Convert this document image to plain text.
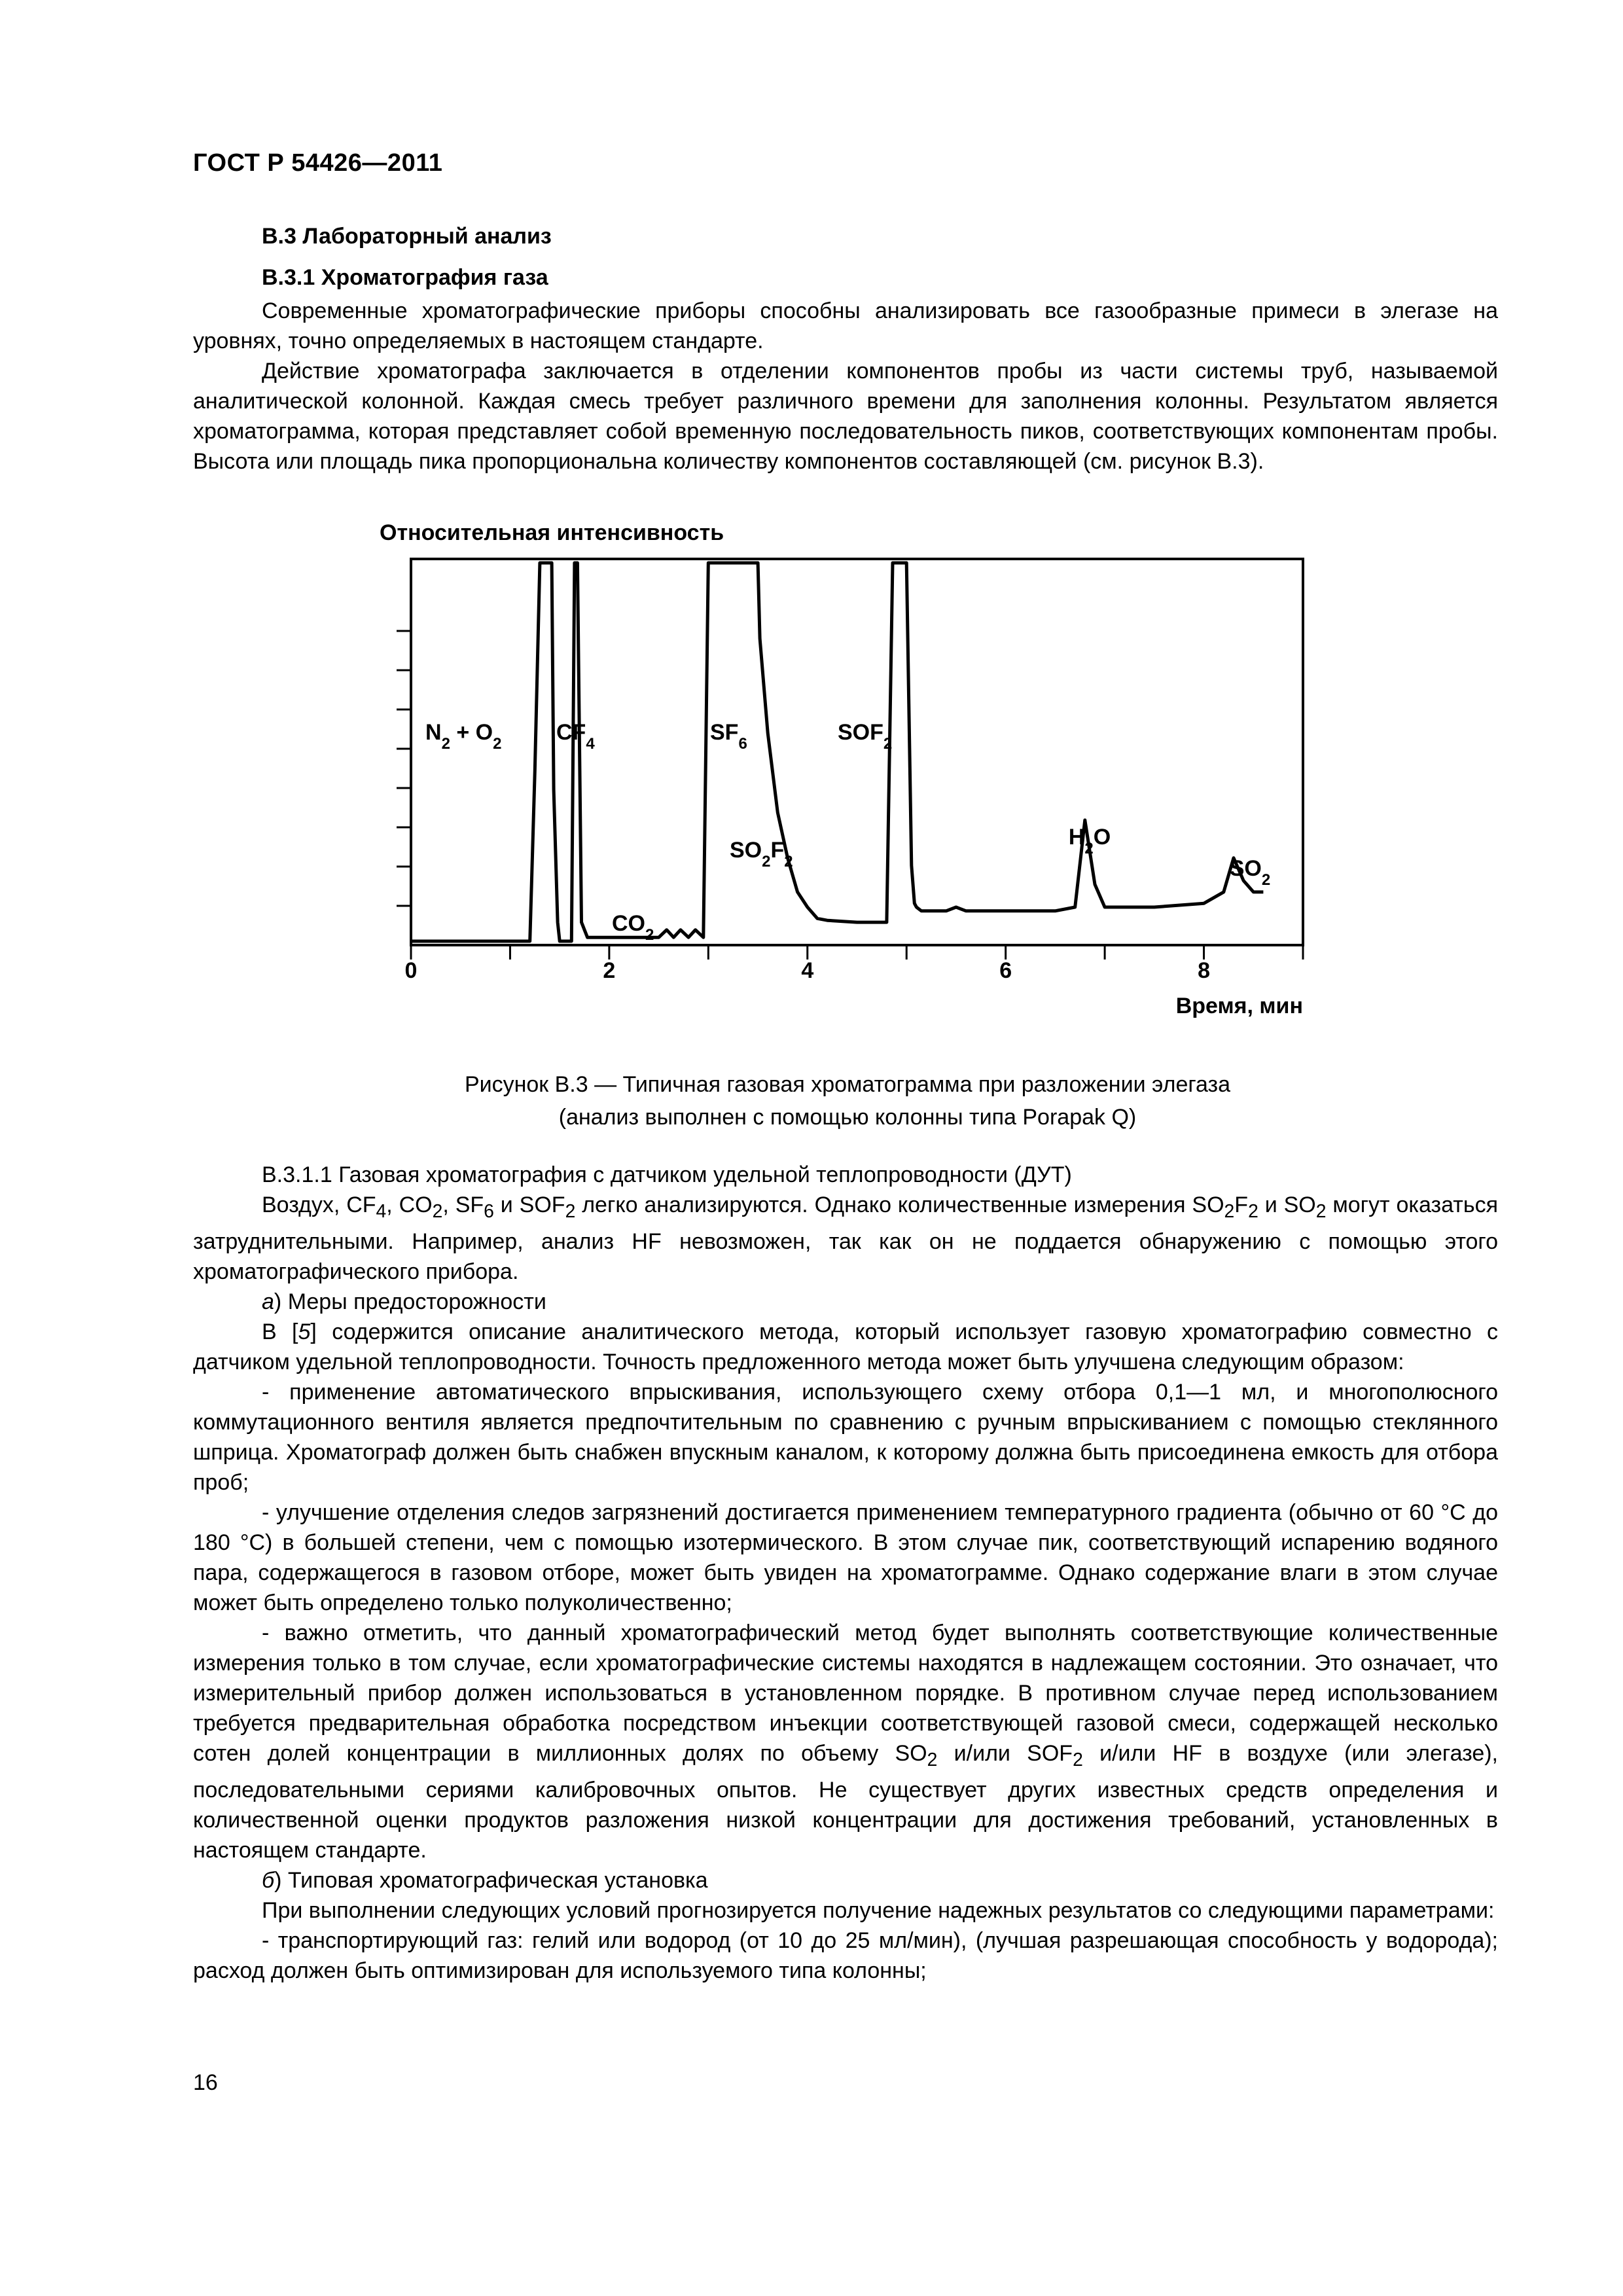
ГОСТ Р 54426—2011
В.3 Лабораторный анализ
В.3.1 Хроматография газа

Современные хроматографические приборы способны анализировать все газообразные примеси в элегазе на уровнях, точно определяемых в настоящем стандарте.

Действие хроматографа заключается в отделении компонентов пробы из части системы труб, называемой аналитической колонной. Каждая смесь требует различного времени для заполнения колонны. Результатом является хроматограмма, которая представляет собой временную последовательность пиков, соответствующих компонентам пробы. Высота или площадь пика пропорциональна количеству компонентов составляющей (см. рисунок В.3).

Относительная интенсивность
0	2	4	6	8
$N_2 + O_2$ $CF_4$
$CO_2$
$SF_6$
$SO_2F_2$
$SOF_2$
$H_2O$
$SO_2$
Время, мин
Рисунок В.3 — Типичная газовая хроматограмма при разложении элегаза
(анализ выполнен с помощью колонны типа Porapak Q)

В.3.1.1 Газовая хроматография с датчиком удельной теплопроводности (ДУТ)

Воздух, $CF_4$, $CO_2$, $SF_6$ и $SOF_2$ легко анализируются. Однако количественные измерения $SO_2F_2$ и $SO_2$ могут оказаться затруднительными. Например, анализ HF невозможен, так как он не поддается обнаружению с помощью этого хроматографического прибора.

а) Меры предосторожности

В [5] содержится описание аналитического метода, который использует газовую хроматографию совместно с датчиком удельной теплопроводности. Точность предложенного метода может быть улучшена следующим образом:

- применение автоматического впрыскивания, использующего схему отбора 0,1—1 мл, и многополюсного коммутационного вентиля является предпочтительным по сравнению с ручным впрыскиванием с помощью стеклянного шприца. Хроматограф должен быть снабжен впускным каналом, к которому должна быть присоединена емкость для отбора проб;

- улучшение отделения следов загрязнений достигается применением температурного градиента (обычно от 60 °С до 180 °С) в большей степени, чем с помощью изотермического. В этом случае пик, соответствующий испарению водяного пара, содержащегося в газовом отборе, может быть увиден на хроматограмме. Однако содержание влаги в этом случае может быть определено только полуколичественно;

- важно отметить, что данный хроматографический метод будет выполнять соответствующие количественные измерения только в том случае, если хроматографические системы находятся в надлежащем состоянии. Это означает, что измерительный прибор должен использоваться в установленном порядке. В противном случае перед использованием требуется предварительная обработка посредством инъекции соответствующей газовой смеси, содержащей несколько сотен долей концентрации в миллионных долях по объему $SO_2$ и/или $SOF_2$ и/или HF в воздухе (или элегазе), последовательными сериями калибровочных опытов. Не существует других известных средств определения и количественной оценки продуктов разложения низкой концентрации для достижения требований, установленных в настоящем стандарте.

б) Типовая хроматографическая установка

При выполнении следующих условий прогнозируется получение надежных результатов со следующими параметрами:

- транспортирующий газ: гелий или водород (от 10 до 25 мл/мин), (лучшая разрешающая способность у водорода); расход должен быть оптимизирован для используемого типа колонны;

16
